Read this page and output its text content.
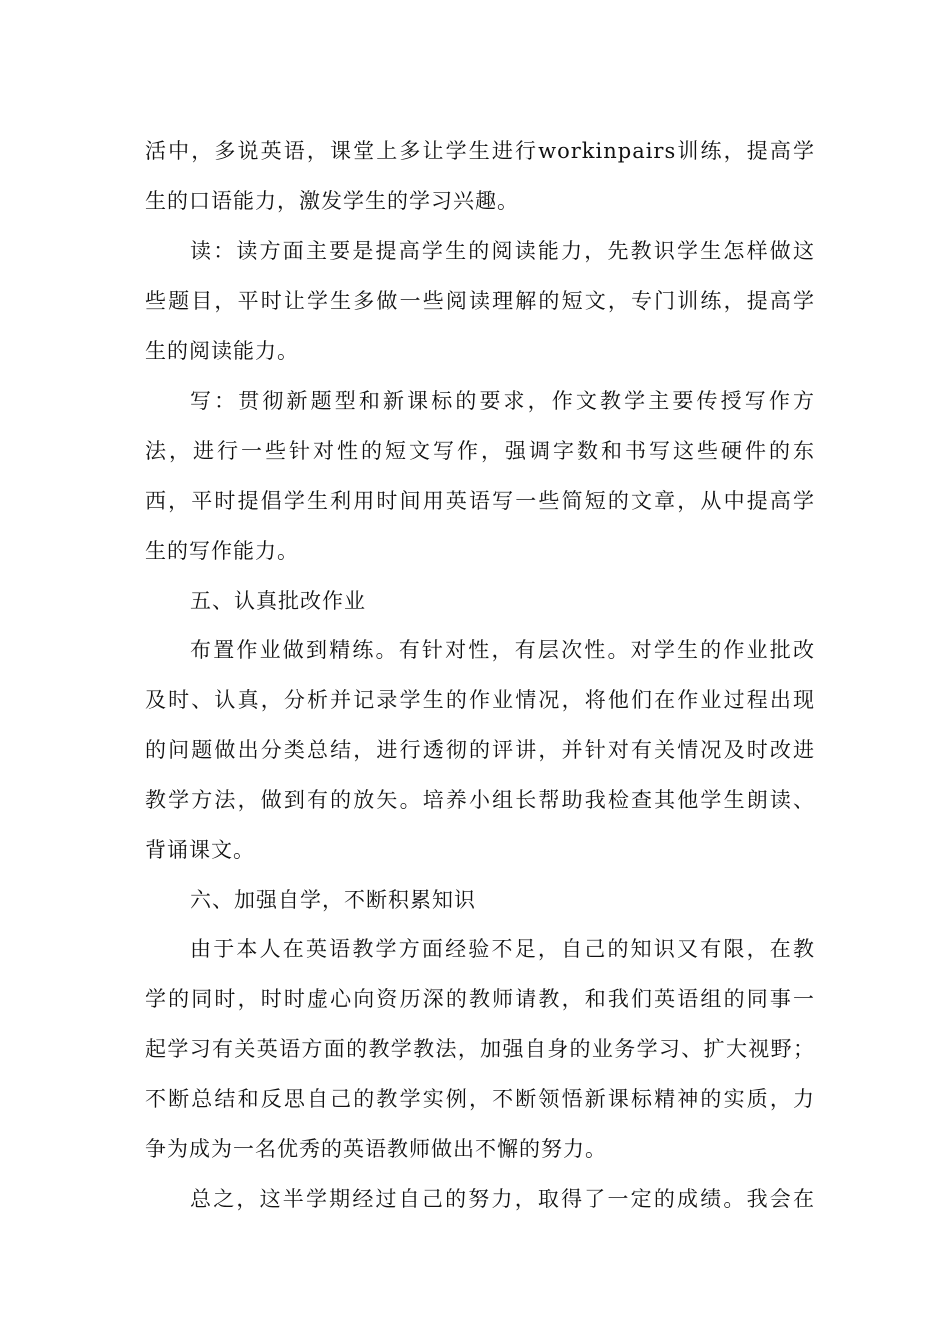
活中，多说英语，课堂上多让学生进行workinpairs训练，提高学
生的口语能力，激发学生的学习兴趣。
读：读方面主要是提高学生的阅读能力，先教识学生怎样做这
些题目，平时让学生多做一些阅读理解的短文，专门训练，提高学
生的阅读能力。
写：贯彻新题型和新课标的要求，作文教学主要传授写作方
法，进行一些针对性的短文写作，强调字数和书写这些硬件的东
西，平时提倡学生利用时间用英语写一些简短的文章，从中提高学
生的写作能力。
五、认真批改作业
布置作业做到精练。有针对性，有层次性。对学生的作业批改
及时、认真，分析并记录学生的作业情况，将他们在作业过程出现
的问题做出分类总结，进行透彻的评讲，并针对有关情况及时改进
教学方法，做到有的放矢。培养小组长帮助我检查其他学生朗读、
背诵课文。
六、加强自学，不断积累知识
由于本人在英语教学方面经验不足，自己的知识又有限，在教
学的同时，时时虚心向资历深的教师请教，和我们英语组的同事一
起学习有关英语方面的教学教法，加强自身的业务学习、扩大视野；
不断总结和反思自己的教学实例，不断领悟新课标精神的实质，力
争为成为一名优秀的英语教师做出不懈的努力。
总之，这半学期经过自己的努力，取得了一定的成绩。我会在
